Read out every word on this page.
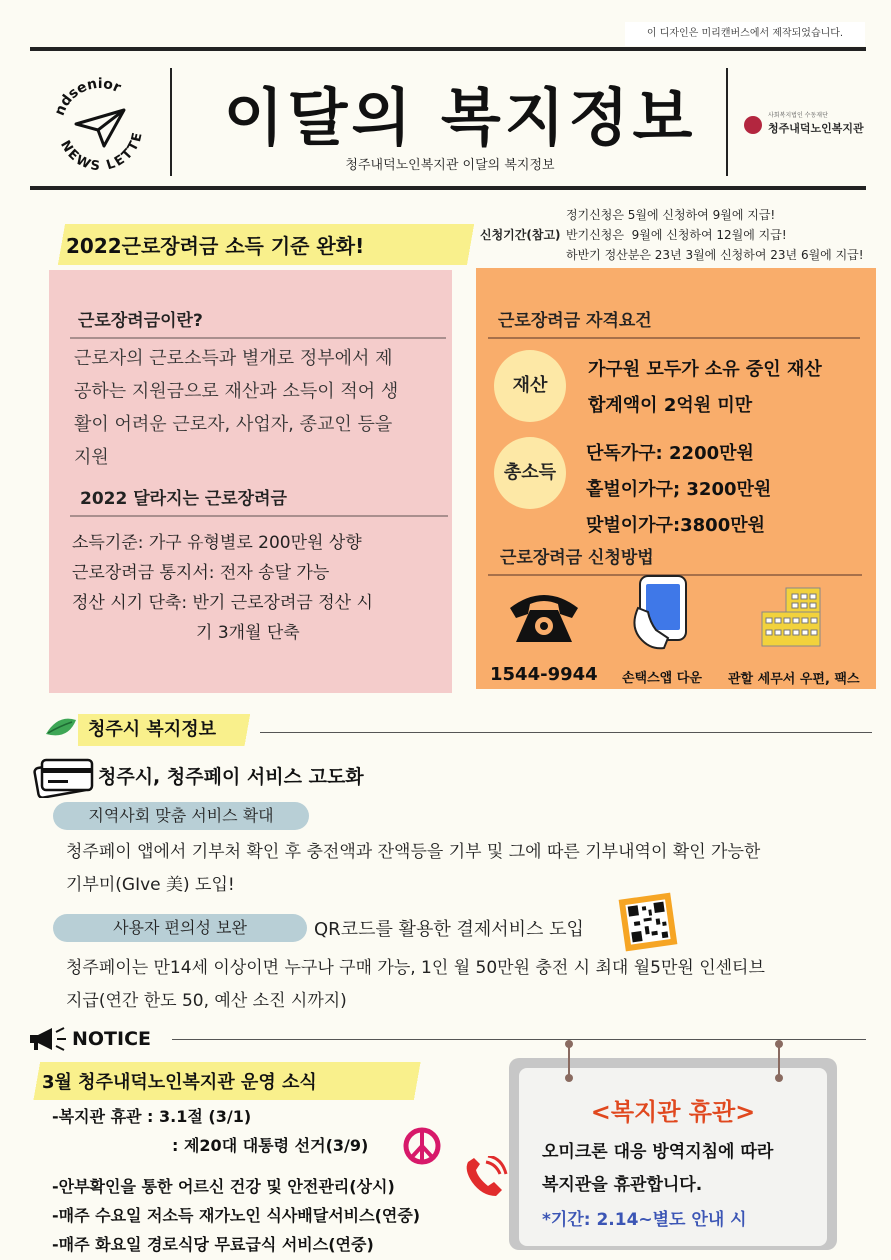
이 디자인은 미리캔버스에서 제작되었습니다.
ndsenior
NEWS LETTE 이달의 복지정보
청주내덕노인복지관 이달의 복지정보
사회복지법인 수동재단
청주내덕노인복지관
2022근로장려금 소득 기준 완화!	신청기간(참고)
정기신청은 5월에 신청하여 9월에 지급!
반기신청은  9월에 신청하여 12월에 지급!
하반기 정산분은 23년 3월에 신청하여 23년 6월에 지급!
근로장려금이란?
근로자의 근로소득과 별개로 정부에서 제
공하는 지원금으로 재산과 소득이 적어 생
활이 어려운 근로자, 사업자, 종교인 등을
지원
2022 달라지는 근로장려금
소득기준: 가구 유형별로 200만원 상향
근로장려금 통지서: 전자 송달 가능
정산 시기 단축: 반기 근로장려금 정산 시
기 3개월 단축
근로장려금 자격요건
재산
가구원 모두가 소유 중인 재산
합계액이 2억원 미만
총소득
단독가구: 2200만원
홑벌이가구; 3200만원
맞벌이가구:3800만원
근로장려금 신청방법
1544-9944 손택스앱 다운 관할 세무서 우편, 팩스
청주시 복지정보
청주시, 청주페이 서비스 고도화
지역사회 맞춤 서비스 확대
청주페이 앱에서 기부처 확인 후 충전액과 잔액등을 기부 및 그에 따른 기부내역이 확인 가능한
기부미(GIve 美) 도입!
사용자 편의성 보완	QR코드를 활용한 결제서비스 도입
청주페이는 만14세 이상이면 누구나 구매 가능, 1인 월 50만원 충전 시 최대 월5만원 인센티브
지급(연간 한도 50, 예산 소진 시까지)
NOTICE
3월 청주내덕노인복지관 운영 소식
-복지관 휴관 : 3.1절 (3/1)
: 제20대 대통령 선거(3/9)
-안부확인을 통한 어르신 건강 및 안전관리(상시)
-매주 수요일 저소득 재가노인 식사배달서비스(연중)
-매주 화요일 경로식당 무료급식 서비스(연중)
<복지관 휴관>
오미크론 대응 방역지침에 따라
복지관을 휴관합니다.
*기간: 2.14~별도 안내 시
